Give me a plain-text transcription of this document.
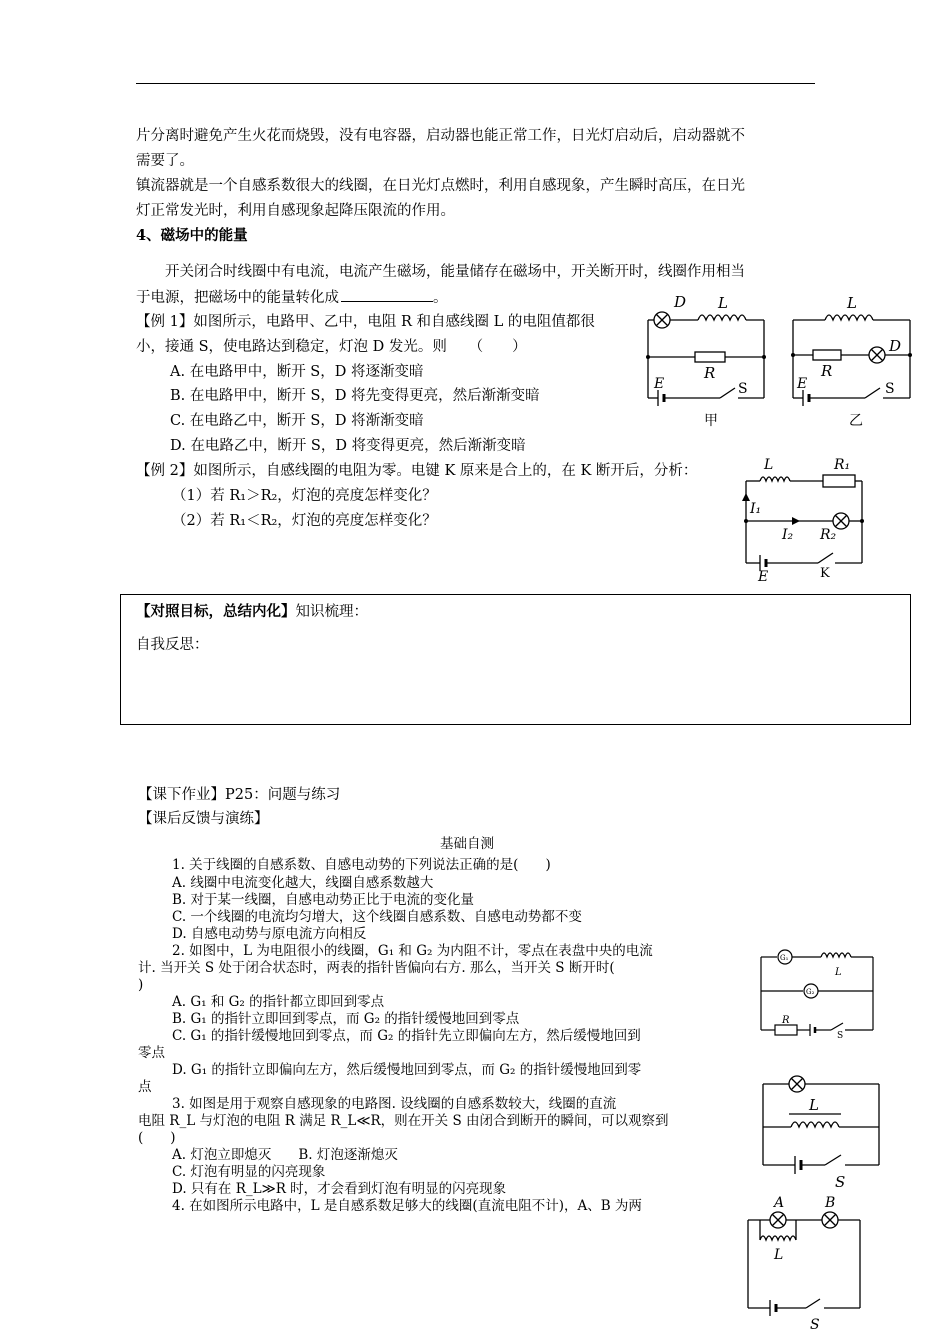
片分离时避免产生火花而烧毁，没有电容器，启动器也能正常工作，日光灯启动后，启动器就不
需要了。
镇流器就是一个自感系数很大的线圈，在日光灯点燃时，利用自感现象，产生瞬时高压，在日光
灯正常发光时，利用自感现象起降压限流的作用。
4、磁场中的能量
开关闭合时线圈中有电流，电流产生磁场，能量储存在磁场中，开关断开时，线圈作用相当
于电源，把磁场中的能量转化成	。
【例 1】如图所示，电路甲、乙中，电阻 R 和自感线圈 L 的电阻值都很
小，接通 S，使电路达到稳定，灯泡 D 发光。则　　（　　）
A. 在电路甲中，断开 S，D 将逐渐变暗
B. 在电路甲中，断开 S，D 将先变得更亮，然后渐渐变暗
C. 在电路乙中，断开 S，D 将渐渐变暗
D. 在电路乙中，断开 S，D 将变得更亮，然后渐渐变暗
D L
R
E	S
甲
L
D
R
E	S
乙
【例 2】如图所示，自感线圈的电阻为零。电键 K 原来是合上的，在 K 断开后，分析：
（1）若 R₁＞R₂，灯泡的亮度怎样变化？
（2）若 R₁＜R₂，灯泡的亮度怎样变化？
L	R₁
I₁
I₂ R₂
E	K
【对照目标，总结内化】知识梳理：
自我反思：
【课下作业】P25：问题与练习
【课后反馈与演练】
基础自测
1. 关于线圈的自感系数、自感电动势的下列说法正确的是(　　)
A. 线圈中电流变化越大，线圈自感系数越大
B. 对于某一线圈，自感电动势正比于电流的变化量
C. 一个线圈的电流均匀增大，这个线圈自感系数、自感电动势都不变
D. 自感电动势与原电流方向相反
2. 如图中，L 为电阻很小的线圈，G₁ 和 G₂ 为内阻不计，零点在表盘中央的电流
计. 当开关 S 处于闭合状态时，两表的指针皆偏向右方. 那么，当开关 S 断开时(
)
A. G₁ 和 G₂ 的指针都立即回到零点
B. G₁ 的指针立即回到零点，而 G₂ 的指针缓慢地回到零点
C. G₁ 的指针缓慢地回到零点，而 G₂ 的指针先立即偏向左方，然后缓慢地回到
零点
D. G₁ 的指针立即偏向左方，然后缓慢地回到零点，而 G₂ 的指针缓慢地回到零
点
3. 如图是用于观察自感现象的电路图. 设线圈的自感系数较大，线圈的直流
电阻 R_L 与灯泡的电阻 R 满足 R_L≪R，则在开关 S 由闭合到断开的瞬间，可以观察到
(　　)
A. 灯泡立即熄灭　　B. 灯泡逐渐熄灭
C. 灯泡有明显的闪亮现象
D. 只有在 R_L≫R 时，才会看到灯泡有明显的闪亮现象
4. 在如图所示电路中，L 是自感系数足够大的线圈(直流电阻不计)，A、B 为两
G₁
G₂
L
R
S
L
S
A	B
L
S
